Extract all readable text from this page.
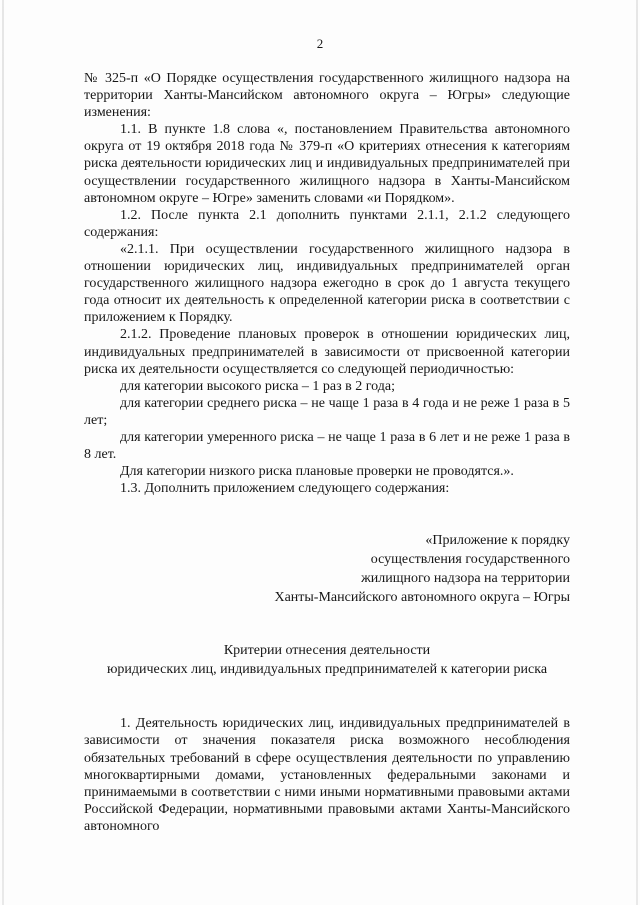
2

№ 325-п «О Порядке осуществления государственного жилищного надзора на территории Ханты-Мансийском автономного округа – Югры» следующие изменения:

1.1. В пункте 1.8 слова «, постановлением Правительства автономного округа от 19 октября 2018 года № 379-п «О критериях отнесения к категориям риска деятельности юридических лиц и индивидуальных предпринимателей при осуществлении государственного жилищного надзора в Ханты-Мансийском автономном округе – Югре» заменить словами «и Порядком».

1.2. После пункта 2.1 дополнить пунктами 2.1.1, 2.1.2 следующего содержания:

«2.1.1. При осуществлении государственного жилищного надзора в отношении юридических лиц, индивидуальных предпринимателей орган государственного жилищного надзора ежегодно в срок до 1 августа текущего года относит их деятельность к определенной категории риска в соответствии с приложением к Порядку.

2.1.2. Проведение плановых проверок в отношении юридических лиц, индивидуальных предпринимателей в зависимости от присвоенной категории риска их деятельности осуществляется со следующей периодичностью:

для категории высокого риска – 1 раз в 2 года;

для категории среднего риска – не чаще 1 раза в 4 года и не реже 1 раза в 5 лет;

для категории умеренного риска – не чаще 1 раза в 6 лет и не реже 1 раза в 8 лет.

Для категории низкого риска плановые проверки не проводятся.».

1.3. Дополнить приложением следующего содержания:

«Приложение к порядку
осуществления государственного
жилищного надзора на территории
Ханты-Мансийского автономного округа – Югры

Критерии отнесения деятельности
юридических лиц, индивидуальных предпринимателей к категории риска

1. Деятельность юридических лиц, индивидуальных предпринимателей в зависимости от значения показателя риска возможного несоблюдения обязательных требований в сфере осуществления деятельности по управлению многоквартирными домами, установленных федеральными законами и принимаемыми в соответствии с ними иными нормативными правовыми актами Российской Федерации, нормативными правовыми актами Ханты-Мансийского автономного
